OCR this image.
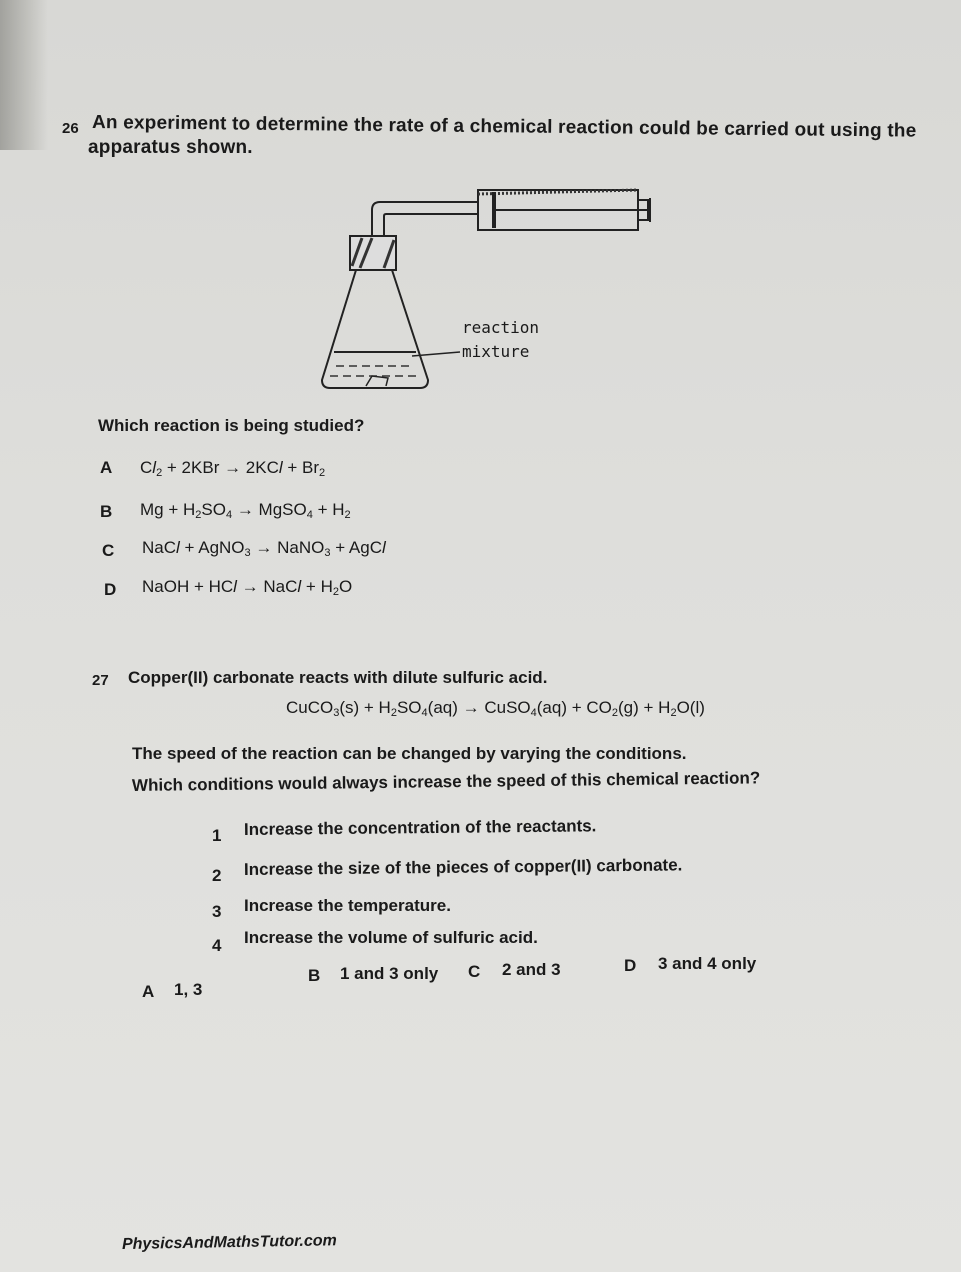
26 An experiment to determine the rate of a chemical reaction could be carried out using the
apparatus shown.
reaction
mixture
Which reaction is being studied?
A $Cl_2 + 2KBr \to 2KCl + Br_2$
B $Mg + H_2SO_4$ → MgSO$_4$ + $H_2$
C NaCl + AgNO$_3$ → NaNO$_3$ + AgCl
D NaOH + HCl → NaCl + $H_2O$
27 Copper(II) carbonate reacts with dilute sulfuric acid.
CuCO$_3$(s) + $H_2SO_4(aq)$ → CuSO$_4$(aq) + $CO_2(g) + H_2O(l)$
The speed of the reaction can be changed by varying the conditions.
Which conditions would always increase the speed of this chemical reaction?
1 Increase the concentration of the reactants.
2 Increase the size of the pieces of copper(II) carbonate.
3 Increase the temperature.
4 Increase the volume of sulfuric acid.
A 1, 3
B 1 and 3 only C 2 and 3	D 3 and 4 only
PhysicsAndMathsTutor.com
